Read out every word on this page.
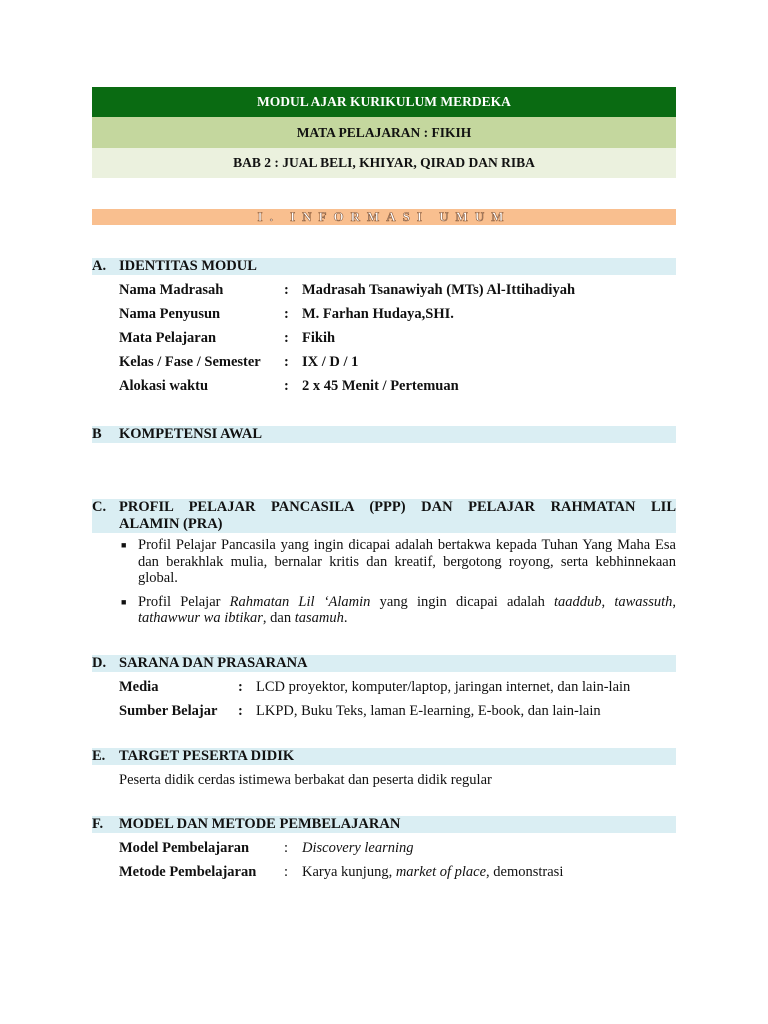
MODUL AJAR KURIKULUM MERDEKA
MATA PELAJARAN : FIKIH
BAB 2 : JUAL BELI, KHIYAR, QIRAD DAN RIBA
I. INFORMASI UMUM
A. IDENTITAS MODUL
Nama Madrasah	: Madrasah Tsanawiyah (MTs) Al-Ittihadiyah
Nama Penyusun	: M. Farhan Hudaya,SHI.
Mata Pelajaran	: Fikih
Kelas / Fase / Semester	: IX / D / 1
Alokasi waktu	: 2 x 45 Menit / Pertemuan
B	KOMPETENSI AWAL
C. PROFIL PELAJAR PANCASILA (PPP) DAN PELAJAR RAHMATAN LIL
ALAMIN (PRA)
■ Profil Pelajar Pancasila yang ingin dicapai adalah bertakwa kepada Tuhan Yang Maha Esa dan berakhlak mulia, bernalar kritis dan kreatif, bergotong royong, serta kebhinnekaan global.
■ Profil Pelajar Rahmatan Lil ‘Alamin yang ingin dicapai adalah taaddub, tawassuth, tathawwur wa ibtikar, dan tasamuh.
D. SARANA DAN PRASARANA
Media	: LCD proyektor, komputer/laptop, jaringan internet, dan lain-lain
Sumber Belajar	: LKPD, Buku Teks, laman E-learning, E-book, dan lain-lain
E. TARGET PESERTA DIDIK
Peserta didik cerdas istimewa berbakat dan peserta didik regular
F.	MODEL DAN METODE PEMBELAJARAN
Model Pembelajaran	: Discovery learning
Metode Pembelajaran	: Karya kunjung, market of place, demonstrasi
